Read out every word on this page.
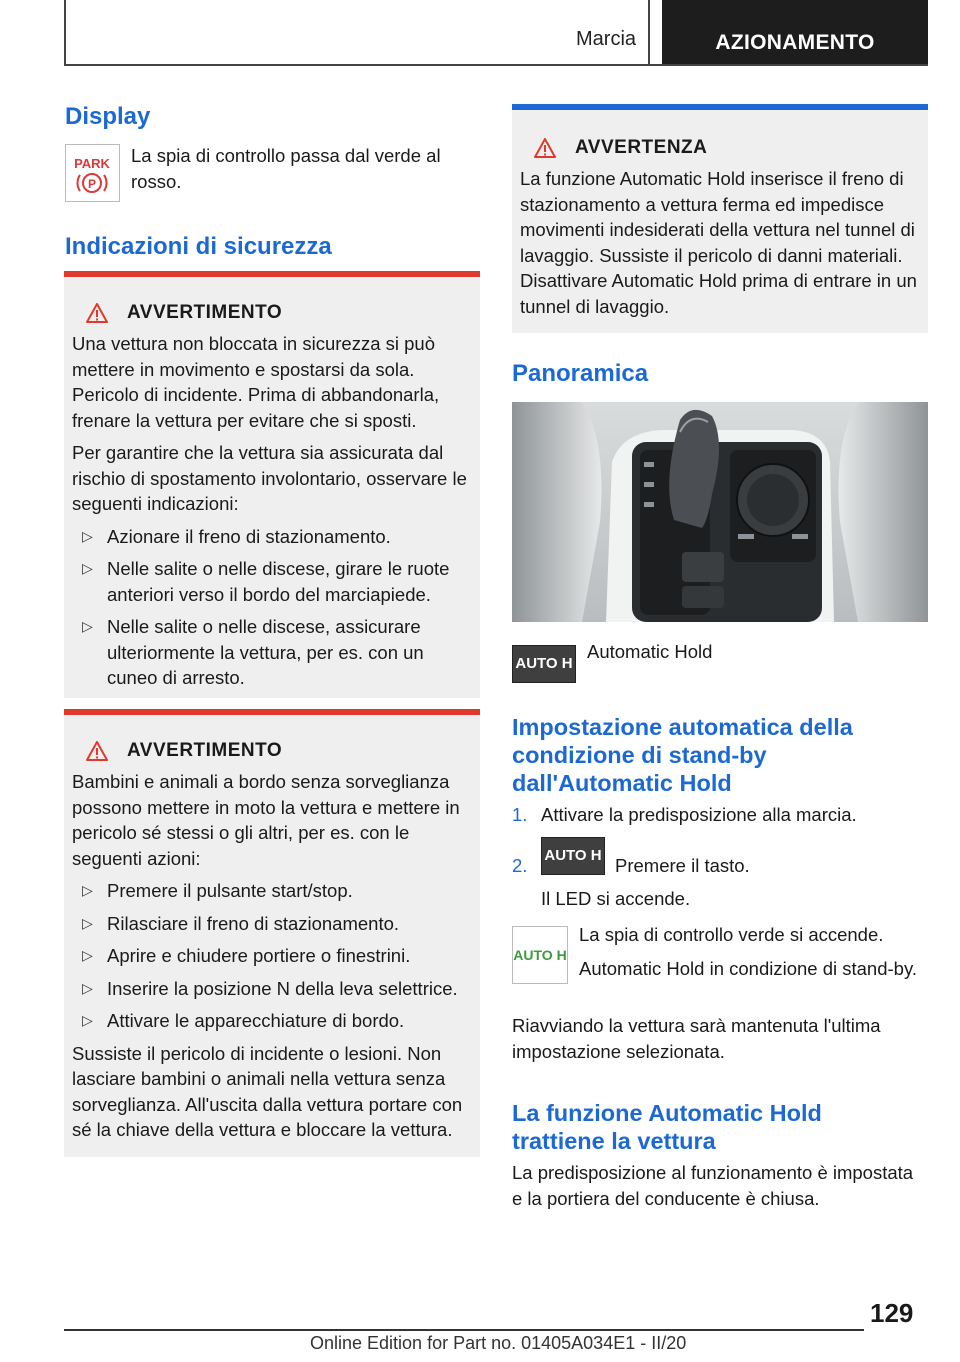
Marcia	AZIONAMENTO
Display
PARK
P
La spia di controllo passa dal verde al rosso.
Indicazioni di sicurezza
AVVERTIMENTO

Una vettura non bloccata in sicurezza si può mettere in movimento e spostarsi da sola. Pericolo di incidente. Prima di abbandonarla, frenare la vettura per evitare che si sposti.

Per garantire che la vettura sia assicurata dal rischio di spostamento involontario, osservare le seguenti indicazioni:

▷ Azionare il freno di stazionamento.
▷ Nelle salite o nelle discese, girare le ruote anteriori verso il bordo del marciapiede.
▷ Nelle salite o nelle discese, assicurare ulteriormente la vettura, per es. con un cuneo di arresto.
AVVERTIMENTO

Bambini e animali a bordo senza sorveglianza possono mettere in moto la vettura e mettere in pericolo sé stessi o gli altri, per es. con le seguenti azioni:

▷ Premere il pulsante start/stop.
▷ Rilasciare il freno di stazionamento.
▷ Aprire e chiudere portiere o finestrini.
▷ Inserire la posizione N della leva selettrice.
▷ Attivare le apparecchiature di bordo.

Sussiste il pericolo di incidente o lesioni. Non lasciare bambini o animali nella vettura senza sorveglianza. All'uscita dalla vettura portare con sé la chiave della vettura e bloccare la vettura.

AVVERTENZA

La funzione Automatic Hold inserisce il freno di stazionamento a vettura ferma ed impedisce movimenti indesiderati della vettura nel tunnel di lavaggio. Sussiste il pericolo di danni materiali. Disattivare Automatic Hold prima di entrare in un tunnel di lavaggio.

Panoramica
AUTO H
Automatic Hold
Impostazione automatica della condizione di stand-by dall'Automatic Hold
1. Attivare la predisposizione alla marcia.
2. AUTO H Premere il tasto.
Il LED si accende.
AUTO H
La spia di controllo verde si accende.
Automatic Hold in condizione di stand-by.
Riavviando la vettura sarà mantenuta l'ultima impostazione selezionata.
La funzione Automatic Hold trattiene la vettura
La predisposizione al funzionamento è impostata e la portiera del conducente è chiusa.
129
Online Edition for Part no. 01405A034E1 - II/20
